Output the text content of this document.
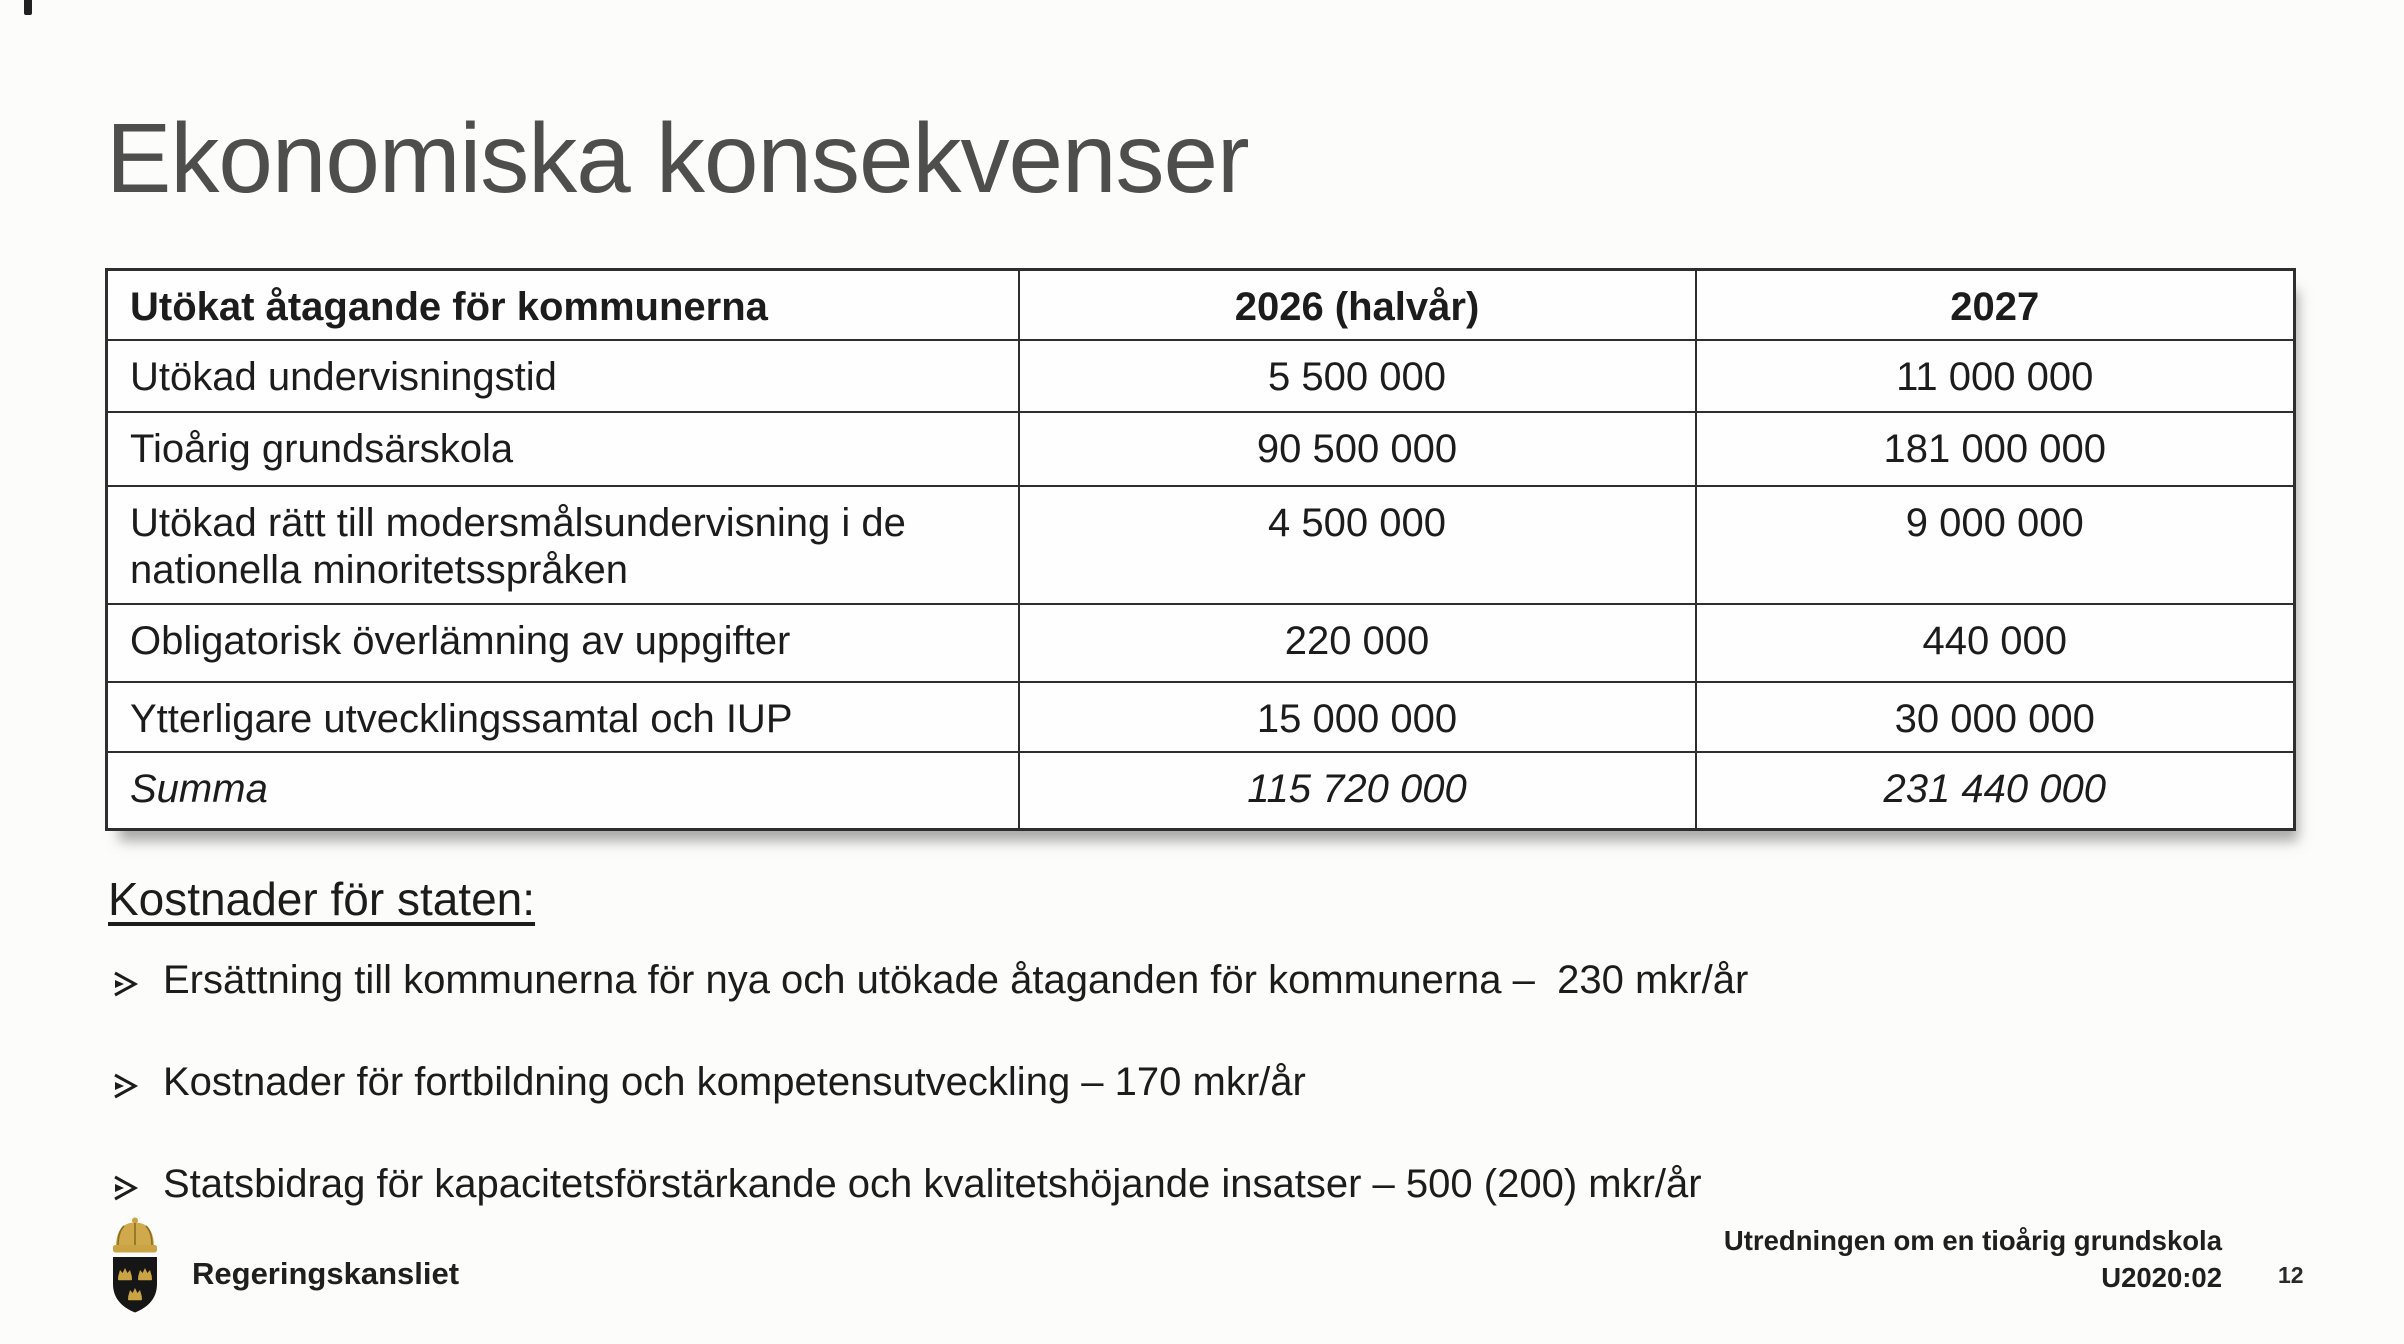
Ekonomiska konsekvenser
Utökat åtagande för kommunerna	2026 (halvår)	2027
Utökad undervisningstid	5 500 000	11 000 000
Tioårig grundsärskola	90 500 000	181 000 000
Utökad rätt till modersmålsundervisning i de nationella minoritetsspråken	4 500 000	9 000 000
Obligatorisk överlämning av uppgifter	220 000	440 000
Ytterligare utvecklingssamtal och IUP	15 000 000	30 000 000
Summa	115 720 000	231 440 000
Kostnader för staten:
Ersättning till kommunerna för nya och utökade åtaganden för kommunerna –  230 mkr/år
Kostnader för fortbildning och kompetensutveckling – 170 mkr/år
Statsbidrag för kapacitetsförstärkande och kvalitetshöjande insatser – 500 (200) mkr/år
Regeringskansliet
Utredningen om en tioårig grundskola
U2020:02 12
